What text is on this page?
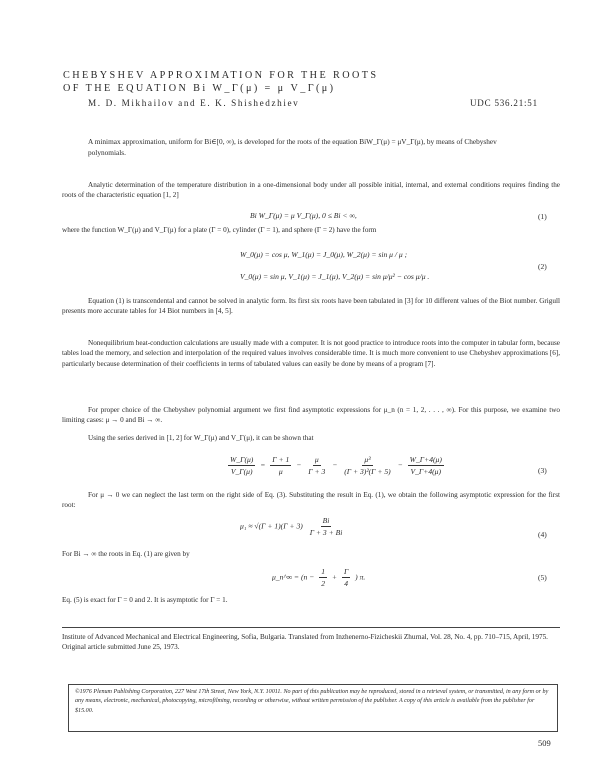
CHEBYSHEV APPROXIMATION FOR THE ROOTS
OF THE EQUATION Bi W_Γ(μ) = μ V_Γ(μ)
M. D. Mikhailov and E. K. Shishedzhiev	UDC 536.21:51
A minimax approximation, uniform for Bi∈[0, ∞), is developed for the roots of the equation BiW_Γ(μ) = μV_Γ(μ), by means of Chebyshev polynomials.
Analytic determination of the temperature distribution in a one-dimensional body under all possible initial, internal, and external conditions requires finding the roots of the characteristic equation [1, 2]
Bi W_Γ(μ) = μ V_Γ(μ), 0 ≤ Bi < ∞,	(1)
where the function W_Γ(μ) and V_Γ(μ) for a plate (Γ = 0), cylinder (Γ = 1), and sphere (Γ = 2) have the form
W_0(μ) = cos μ, W_1(μ) = J_0(μ), W_2(μ) = sin μ / μ ;
V_0(μ) = sin μ, V_1(μ) = J_1(μ), V_2(μ) = sin μ/μ² − cos μ/μ .
(2)
Equation (1) is transcendental and cannot be solved in analytic form. Its first six roots have been tabulated in [3] for 10 different values of the Biot number. Grigull presents more accurate tables for 14 Biot numbers in [4, 5].
Nonequilibrium heat-conduction calculations are usually made with a computer. It is not good practice to introduce roots into the computer in tabular form, because tables load the memory, and selection and interpolation of the required values involves considerable time. It is much more convenient to use Chebyshev approximations [6], particularly because determination of their coefficients in terms of tabulated values can easily be done by means of a program [7].
For proper choice of the Chebyshev polynomial argument we first find asymptotic expressions for μ_n (n = 1, 2, . . . , ∞). For this purpose, we examine two limiting cases: μ → 0 and Bi → ∞.
Using the series derived in [1, 2] for W_Γ(μ) and V_Γ(μ), it can be shown that
$\frac{W\_\Gamma(\mu)}{V\_\Gamma(\mu)} = \frac{\Gamma + 1}{\mu} - \frac{\mu}{\Gamma + 3} - \frac{\text{μ³}}{\text{(Γ + 3)²(Γ + 5)}} - \frac{W\_\Gamma+4(\mu)}{V\_\Gamma+4(\mu)}$	(3)
For μ → 0 we can neglect the last term on the right side of Eq. (3). Substituting the result in Eq. (1), we obtain the following asymptotic expression for the first root:
$\mu_1 \approx √(\Gamma + 1)(\Gamma + 3) \frac{Bi}{\Gamma + 3 + Bi}$	(4)
For Bi → ∞ the roots in Eq. (1) are given by
μ_n^∞ = ($n - \frac{1}{2} + \frac{\Gamma}{4}$ ) π.	(5)
Eq. (5) is exact for Γ = 0 and 2. It is asymptotic for Γ = 1.
Institute of Advanced Mechanical and Electrical Engineering, Sofia, Bulgaria. Translated from Inzhenerno-Fizicheskii Zhurnal, Vol. 28, No. 4, pp. 710–715, April, 1975. Original article submitted June 25, 1973.
©1976 Plenum Publishing Corporation, 227 West 17th Street, New York, N.Y. 10011. No part of this publication may be reproduced, stored in a retrieval system, or transmitted, in any form or by any means, electronic, mechanical, photocopying, microfilming, recording or otherwise, without written permission of the publisher. A copy of this article is available from the publisher for $15.00.
509
